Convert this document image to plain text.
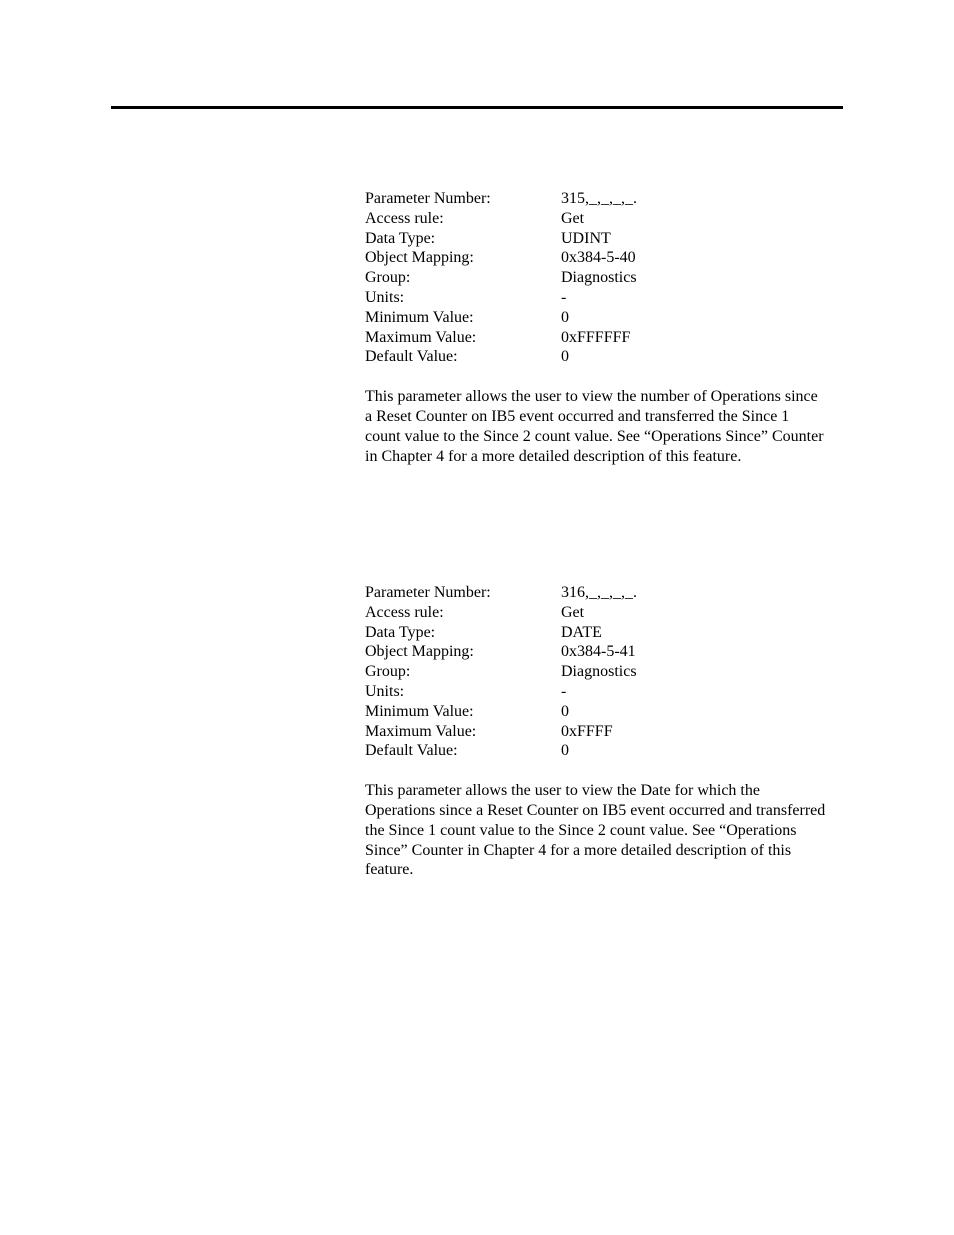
Parameter Number:	315,_,_,_,_.
Access rule:	Get
Data Type:	UDINT
Object Mapping:	0x384-5-40
Group:	Diagnostics
Units:	-
Minimum Value:	0
Maximum Value:	0xFFFFFF
Default Value:	0

This parameter allows the user to view the number of Operations since a Reset Counter on IB5 event occurred and transferred the Since 1 count value to the Since 2 count value. See “Operations Since” Counter in Chapter 4 for a more detailed description of this feature.

Parameter Number:	316,_,_,_,_.
Access rule:	Get
Data Type:	DATE
Object Mapping:	0x384-5-41
Group:	Diagnostics
Units:	-
Minimum Value:	0
Maximum Value:	0xFFFF
Default Value:	0

This parameter allows the user to view the Date for which the Operations since a Reset Counter on IB5 event occurred and transferred the Since 1 count value to the Since 2 count value. See “Operations Since” Counter in Chapter 4 for a more detailed description of this feature.
